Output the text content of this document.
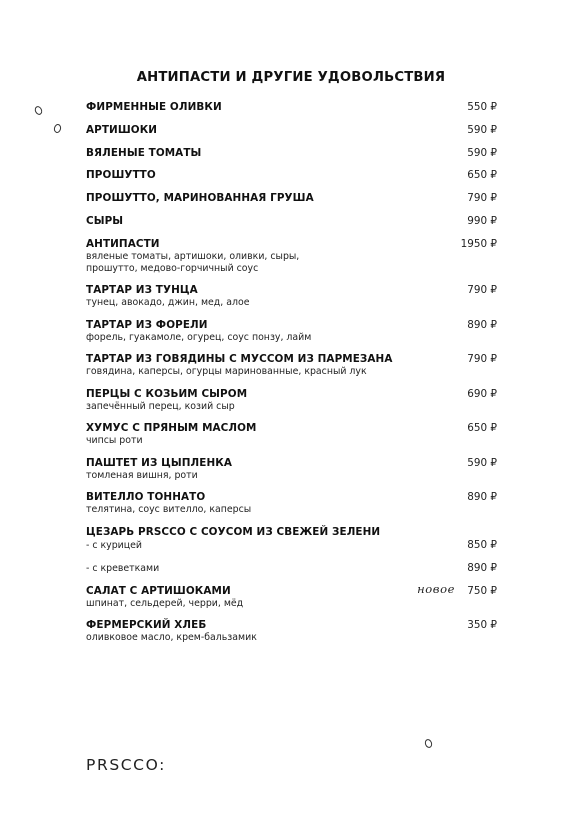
АНТИПАСТИ И ДРУГИЕ УДОВОЛЬСТВИЯ
ФИРМЕННЫЕ ОЛИВКИ	550 ₽
АРТИШОКИ	590 ₽
ВЯЛЕНЫЕ ТОМАТЫ	590 ₽
ПРОШУТТО	650 ₽
ПРОШУТТО, МАРИНОВАННАЯ ГРУША	790 ₽
СЫРЫ	990 ₽
АНТИПАСТИ	1950 ₽
вяленые томаты, артишоки, оливки, сыры,
прошутто, медово-горчичный соус
ТАРТАР ИЗ ТУНЦА	790 ₽
тунец, авокадо, джин, мед, алое
ТАРТАР ИЗ ФОРЕЛИ	890 ₽
форель, гуакамоле, огурец, соус понзу, лайм
ТАРТАР ИЗ ГОВЯДИНЫ С МУССОМ ИЗ ПАРМЕЗАНА	790 ₽
говядина, каперсы, огурцы маринованные, красный лук
ПЕРЦЫ С КОЗЬИМ СЫРОМ	690 ₽
запечённый перец, козий сыр
ХУМУС С ПРЯНЫМ МАСЛОМ	650 ₽
чипсы роти
ПАШТЕТ ИЗ ЦЫПЛЕНКА	590 ₽
томленая вишня, роти
ВИТЕЛЛО ТОННАТО	890 ₽
телятина, соус вителло, каперсы
ЦЕЗАРЬ PRSCCO С СОУСОМ ИЗ СВЕЖЕЙ ЗЕЛЕНИ
- с курицей	850 ₽
- с креветками	890 ₽
САЛАТ С АРТИШОКАМИ	750 ₽
новое
шпинат, сельдерей, черри, мёд
ФЕРМЕРСКИЙ ХЛЕБ	350 ₽
оливковое масло, крем-бальзамик
PRSCCO:
